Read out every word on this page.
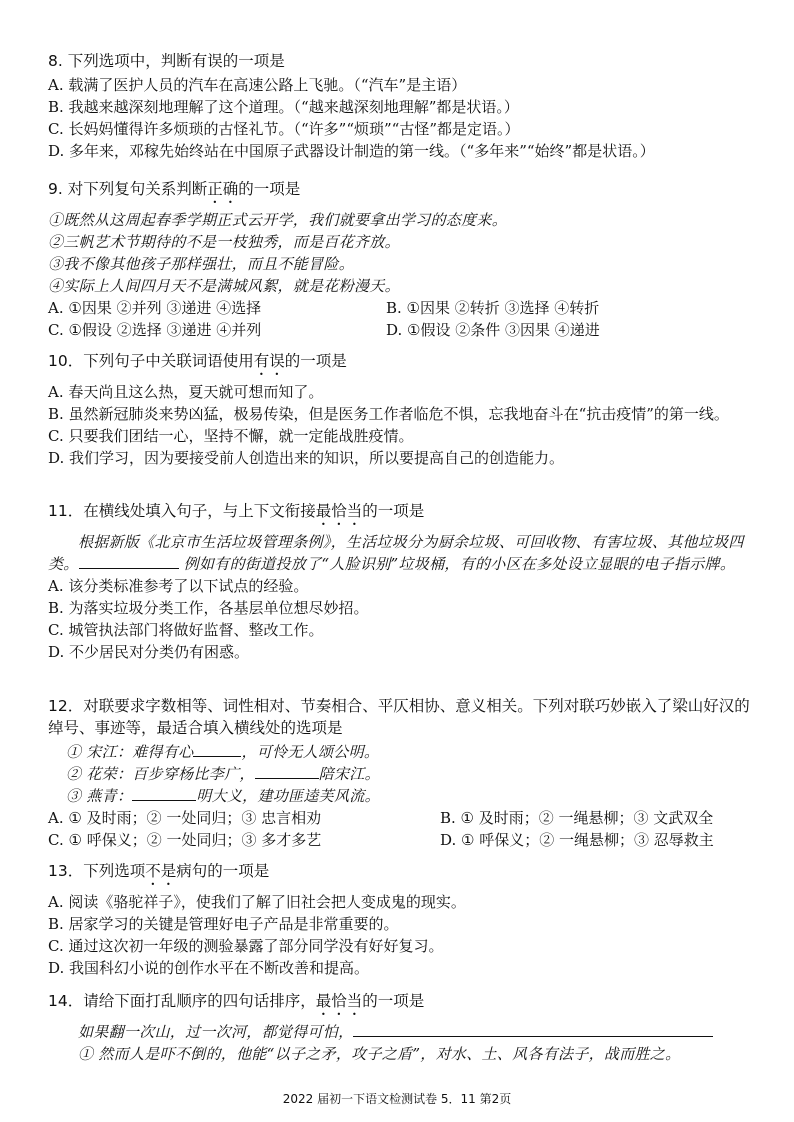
8. 下列选项中，判断有误的一项是
A. 载满了医护人员的汽车在高速公路上飞驰。（“汽车”是主语）
B. 我越来越深刻地理解了这个道理。（“越来越深刻地理解”都是状语。）
C. 长妈妈懂得许多烦琐的古怪礼节。（“许多”“烦琐”“古怪”都是定语。）
D. 多年来，邓稼先始终站在中国原子武器设计制造的第一线。（“多年来”“始终”都是状语。）
9. 对下列复句关系判断正确的一项是
①既然从这周起春季学期正式云开学，我们就要拿出学习的态度来。
②三帆艺术节期待的不是一枝独秀，而是百花齐放。
③我不像其他孩子那样强壮，而且不能冒险。
④实际上人间四月天不是满城风絮，就是花粉漫天。
A. ①因果 ②并列 ③递进 ④选择	B. ①因果 ②转折 ③选择 ④转折
C. ①假设 ②选择 ③递进 ④并列	D. ①假设 ②条件 ③因果 ④递进
10．下列句子中关联词语使用有误的一项是
A. 春天尚且这么热，夏天就可想而知了。
B. 虽然新冠肺炎来势凶猛，极易传染，但是医务工作者临危不惧，忘我地奋斗在“抗击疫情”的第一线。
C. 只要我们团结一心，坚持不懈，就一定能战胜疫情。
D. 我们学习，因为要接受前人创造出来的知识，所以要提高自己的创造能力。
11．在横线处填入句子，与上下文衔接最恰当的一项是
根据新版《北京市生活垃圾管理条例》，生活垃圾分为厨余垃圾、可回收物、有害垃圾、其他垃圾四类。	例如有的街道投放了“人脸识别”垃圾桶，有的小区在多处设立显眼的电子指示牌。
A. 该分类标准参考了以下试点的经验。
B. 为落实垃圾分类工作，各基层单位想尽妙招。
C. 城管执法部门将做好监督、整改工作。
D. 不少居民对分类仍有困惑。
12．对联要求字数相等、词性相对、节奏相合、平仄相协、意义相关。下列对联巧妙嵌入了梁山好汉的绰号、事迹等，最适合填入横线处的选项是
① 宋江：难得有心	，可怜无人颂公明。
② 花荣：百步穿杨比李广，	陪宋江。
③ 燕青：	明大义，建功匪逵芙风流。
A. ① 及时雨；② 一处同归；③ 忠言相劝	B. ① 及时雨；② 一绳悬柳；③ 文武双全
C. ① 呼保义；② 一处同归；③ 多才多艺	D. ① 呼保义；② 一绳悬柳；③ 忍辱救主
13．下列选项不是病句的一项是
A. 阅读《骆驼祥子》，使我们了解了旧社会把人变成鬼的现实。
B. 居家学习的关键是管理好电子产品是非常重要的。
C. 通过这次初一年级的测验暴露了部分同学没有好好复习。
D. 我国科幻小说的创作水平在不断改善和提高。
14．请给下面打乱顺序的四句话排序，最恰当的一项是
如果翻一次山，过一次河，都觉得可怕，
① 然而人是吓不倒的，他能“以子之矛，攻子之盾”，对水、土、风各有法子，战而胜之。
2022 届初一下语文检测试卷 5．11 第2页
